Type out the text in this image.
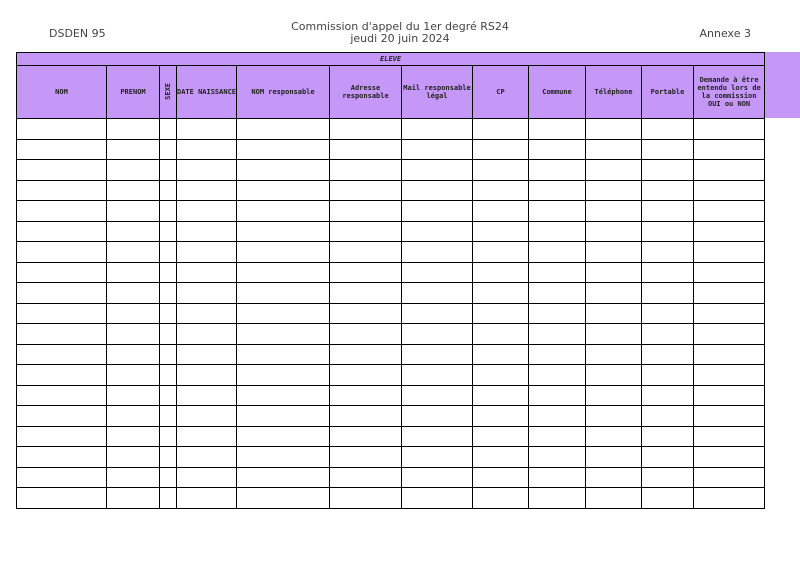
DSDEN 95
Commission d'appel du 1er degré RS24
jeudi 20 juin 2024	Annexe 3
ELEVE											
NOM	PRENOM	SEXE	DATE NAISSANCE	NOM responsable	Adresse responsable	Mail responsable légal	CP	Commune	Téléphone	Portable	Demande à être entendu lors de la commission OUI ou NON
